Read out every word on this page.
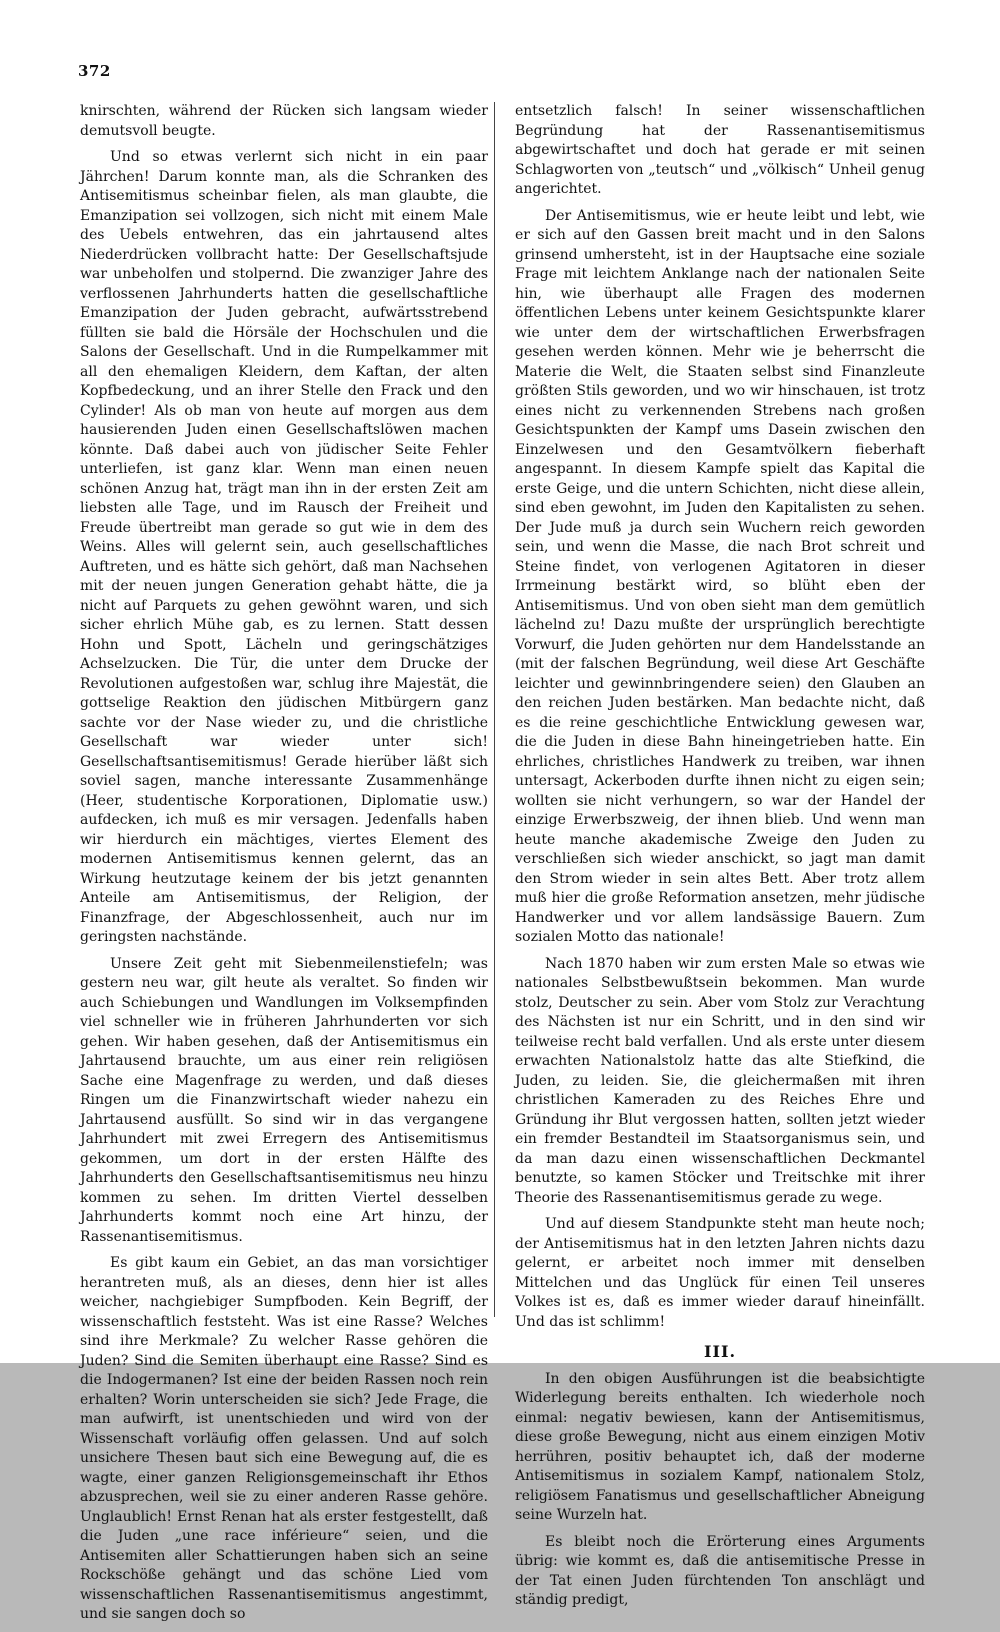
372

knirschten, während der Rücken sich langsam wieder demutsvoll beugte.

Und so etwas verlernt sich nicht in ein paar Jährchen! Darum konnte man, als die Schranken des Antisemitismus scheinbar fielen, als man glaubte, die Emanzipation sei vollzogen, sich nicht mit einem Male des Uebels entwehren, das ein jahrtausend altes Niederdrücken vollbracht hatte: Der Gesellschaftsjude war unbeholfen und stolpernd. Die zwanziger Jahre des verflossenen Jahrhunderts hatten die gesellschaftliche Emanzipation der Juden gebracht, aufwärtsstrebend füllten sie bald die Hörsäle der Hochschulen und die Salons der Gesellschaft. Und in die Rumpelkammer mit all den ehemaligen Kleidern, dem Kaftan, der alten Kopfbedeckung, und an ihrer Stelle den Frack und den Cylinder! Als ob man von heute auf morgen aus dem hausierenden Juden einen Gesellschaftslöwen machen könnte. Daß dabei auch von jüdischer Seite Fehler unterliefen, ist ganz klar. Wenn man einen neuen schönen Anzug hat, trägt man ihn in der ersten Zeit am liebsten alle Tage, und im Rausch der Freiheit und Freude übertreibt man gerade so gut wie in dem des Weins. Alles will gelernt sein, auch gesellschaftliches Auftreten, und es hätte sich gehört, daß man Nachsehen mit der neuen jungen Generation gehabt hätte, die ja nicht auf Parquets zu gehen gewöhnt waren, und sich sicher ehrlich Mühe gab, es zu lernen. Statt dessen Hohn und Spott, Lächeln und geringschätziges Achselzucken. Die Tür, die unter dem Drucke der Revolutionen aufgestoßen war, schlug ihre Majestät, die gottselige Reaktion den jüdischen Mitbürgern ganz sachte vor der Nase wieder zu, und die christliche Gesellschaft war wieder unter sich! Gesellschaftsantisemitismus! Gerade hierüber läßt sich soviel sagen, manche interessante Zusammenhänge (Heer, studentische Korporationen, Diplomatie usw.) aufdecken, ich muß es mir versagen. Jedenfalls haben wir hierdurch ein mächtiges, viertes Element des modernen Antisemitismus kennen gelernt, das an Wirkung heutzutage keinem der bis jetzt genannten Anteile am Antisemitismus, der Religion, der Finanzfrage, der Abgeschlossenheit, auch nur im geringsten nachstände.

Unsere Zeit geht mit Siebenmeilenstiefeln; was gestern neu war, gilt heute als veraltet. So finden wir auch Schiebungen und Wandlungen im Volksempfinden viel schneller wie in früheren Jahrhunderten vor sich gehen. Wir haben gesehen, daß der Antisemitismus ein Jahrtausend brauchte, um aus einer rein religiösen Sache eine Magenfrage zu werden, und daß dieses Ringen um die Finanzwirtschaft wieder nahezu ein Jahrtausend ausfüllt. So sind wir in das vergangene Jahrhundert mit zwei Erregern des Antisemitismus gekommen, um dort in der ersten Hälfte des Jahrhunderts den Gesellschaftsantisemitismus neu hinzu kommen zu sehen. Im dritten Viertel desselben Jahrhunderts kommt noch eine Art hinzu, der Rassenantisemitismus.

Es gibt kaum ein Gebiet, an das man vorsichtiger herantreten muß, als an dieses, denn hier ist alles weicher, nachgiebiger Sumpfboden. Kein Begriff, der wissenschaftlich feststeht. Was ist eine Rasse? Welches sind ihre Merkmale? Zu welcher Rasse gehören die Juden? Sind die Semiten überhaupt eine Rasse? Sind es die Indogermanen? Ist eine der beiden Rassen noch rein erhalten? Worin unterscheiden sie sich? Jede Frage, die man aufwirft, ist unentschieden und wird von der Wissenschaft vorläufig offen gelassen. Und auf solch unsichere Thesen baut sich eine Bewegung auf, die es wagte, einer ganzen Religionsgemeinschaft ihr Ethos abzusprechen, weil sie zu einer anderen Rasse gehöre. Unglaublich! Ernst Renan hat als erster festgestellt, daß die Juden „une race inférieure“ seien, und die Antisemiten aller Schattierungen haben sich an seine Rockschöße gehängt und das schöne Lied vom wissenschaftlichen Rassenantisemitismus angestimmt, und sie sangen doch so

entsetzlich falsch! In seiner wissenschaftlichen Begründung hat der Rassenantisemitismus abgewirtschaftet und doch hat gerade er mit seinen Schlagworten von „teutsch“ und „völkisch“ Unheil genug angerichtet.

Der Antisemitismus, wie er heute leibt und lebt, wie er sich auf den Gassen breit macht und in den Salons grinsend umhersteht, ist in der Hauptsache eine soziale Frage mit leichtem Anklange nach der nationalen Seite hin, wie überhaupt alle Fragen des modernen öffentlichen Lebens unter keinem Gesichtspunkte klarer wie unter dem der wirtschaftlichen Erwerbsfragen gesehen werden können. Mehr wie je beherrscht die Materie die Welt, die Staaten selbst sind Finanzleute größten Stils geworden, und wo wir hinschauen, ist trotz eines nicht zu verkennenden Strebens nach großen Gesichtspunkten der Kampf ums Dasein zwischen den Einzelwesen und den Gesamtvölkern fieberhaft angespannt. In diesem Kampfe spielt das Kapital die erste Geige, und die untern Schichten, nicht diese allein, sind eben gewohnt, im Juden den Kapitalisten zu sehen. Der Jude muß ja durch sein Wuchern reich geworden sein, und wenn die Masse, die nach Brot schreit und Steine findet, von verlogenen Agitatoren in dieser Irrmeinung bestärkt wird, so blüht eben der Antisemitismus. Und von oben sieht man dem gemütlich lächelnd zu! Dazu mußte der ursprünglich berechtigte Vorwurf, die Juden gehörten nur dem Handelsstande an (mit der falschen Begründung, weil diese Art Geschäfte leichter und gewinnbringendere seien) den Glauben an den reichen Juden bestärken. Man bedachte nicht, daß es die reine geschichtliche Entwicklung gewesen war, die die Juden in diese Bahn hineingetrieben hatte. Ein ehrliches, christliches Handwerk zu treiben, war ihnen untersagt, Ackerboden durfte ihnen nicht zu eigen sein; wollten sie nicht verhungern, so war der Handel der einzige Erwerbszweig, der ihnen blieb. Und wenn man heute manche akademische Zweige den Juden zu verschließen sich wieder anschickt, so jagt man damit den Strom wieder in sein altes Bett. Aber trotz allem muß hier die große Reformation ansetzen, mehr jüdische Handwerker und vor allem landsässige Bauern. Zum sozialen Motto das nationale!

Nach 1870 haben wir zum ersten Male so etwas wie nationales Selbstbewußtsein bekommen. Man wurde stolz, Deutscher zu sein. Aber vom Stolz zur Verachtung des Nächsten ist nur ein Schritt, und in den sind wir teilweise recht bald verfallen. Und als erste unter diesem erwachten Nationalstolz hatte das alte Stiefkind, die Juden, zu leiden. Sie, die gleichermaßen mit ihren christlichen Kameraden zu des Reiches Ehre und Gründung ihr Blut vergossen hatten, sollten jetzt wieder ein fremder Bestandteil im Staatsorganismus sein, und da man dazu einen wissenschaftlichen Deckmantel benutzte, so kamen Stöcker und Treitschke mit ihrer Theorie des Rassenantisemitismus gerade zu wege.

Und auf diesem Standpunkte steht man heute noch; der Antisemitismus hat in den letzten Jahren nichts dazu gelernt, er arbeitet noch immer mit denselben Mittelchen und das Unglück für einen Teil unseres Volkes ist es, daß es immer wieder darauf hineinfällt. Und das ist schlimm!

III.

In den obigen Ausführungen ist die beabsichtigte Widerlegung bereits enthalten. Ich wiederhole noch einmal: negativ bewiesen, kann der Antisemitismus, diese große Bewegung, nicht aus einem einzigen Motiv herrühren, positiv behauptet ich, daß der moderne Antisemitismus in sozialem Kampf, nationalem Stolz, religiösem Fanatismus und gesellschaftlicher Abneigung seine Wurzeln hat.

Es bleibt noch die Erörterung eines Arguments übrig: wie kommt es, daß die antisemitische Presse in der Tat einen Juden fürchtenden Ton anschlägt und ständig predigt,
